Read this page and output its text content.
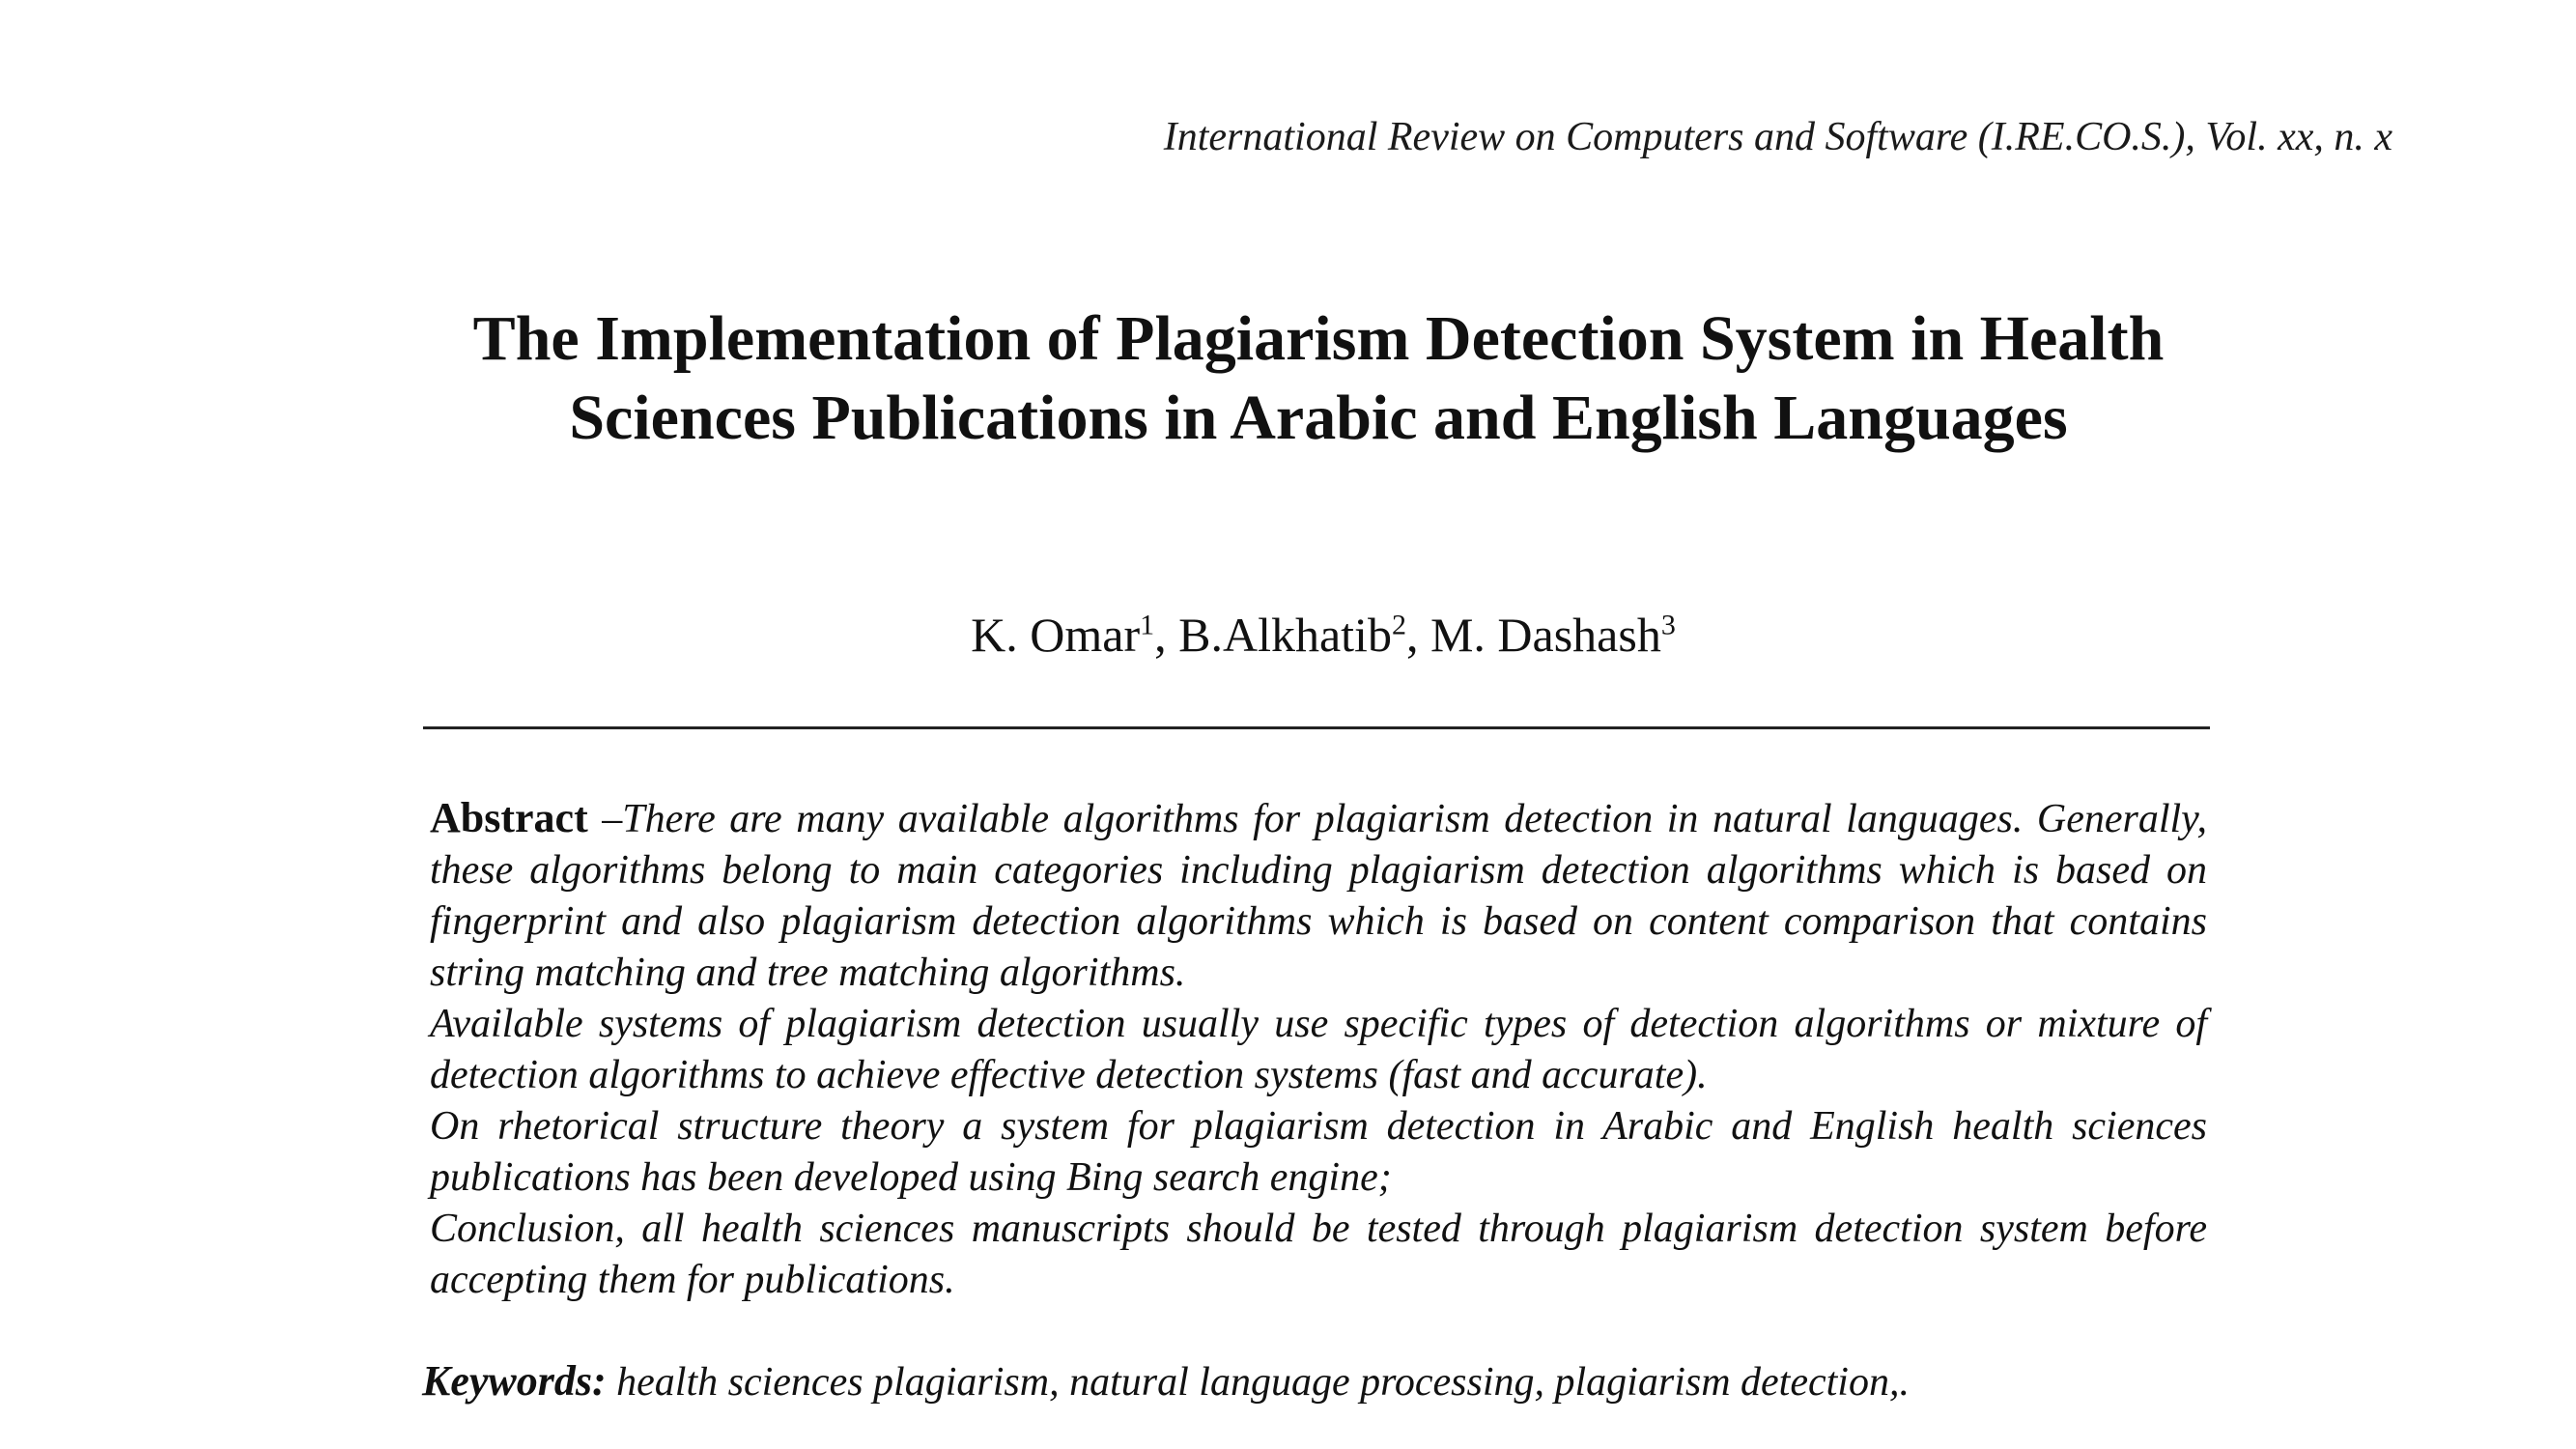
International Review on Computers and Software (I.RE.CO.S.), Vol. xx, n. x
The Implementation of Plagiarism Detection System in Health
Sciences Publications in Arabic and English Languages
K. Omar$^1$, B.Alkhatib$^2$, M. Dashash$^3$

Abstract –There are many available algorithms for plagiarism detection in natural languages. Generally, these algorithms belong to main categories including plagiarism detection algorithms which is based on fingerprint and also plagiarism detection algorithms which is based on content comparison that contains string matching and tree matching algorithms.

Available systems of plagiarism detection usually use specific types of detection algorithms or mixture of detection algorithms to achieve effective detection systems (fast and accurate).

On rhetorical structure theory a system for plagiarism detection in Arabic and English health sciences publications has been developed using Bing search engine;

Conclusion, all health sciences manuscripts should be tested through plagiarism detection system before accepting them for publications.

Keywords: health sciences plagiarism, natural language processing, plagiarism detection,.
